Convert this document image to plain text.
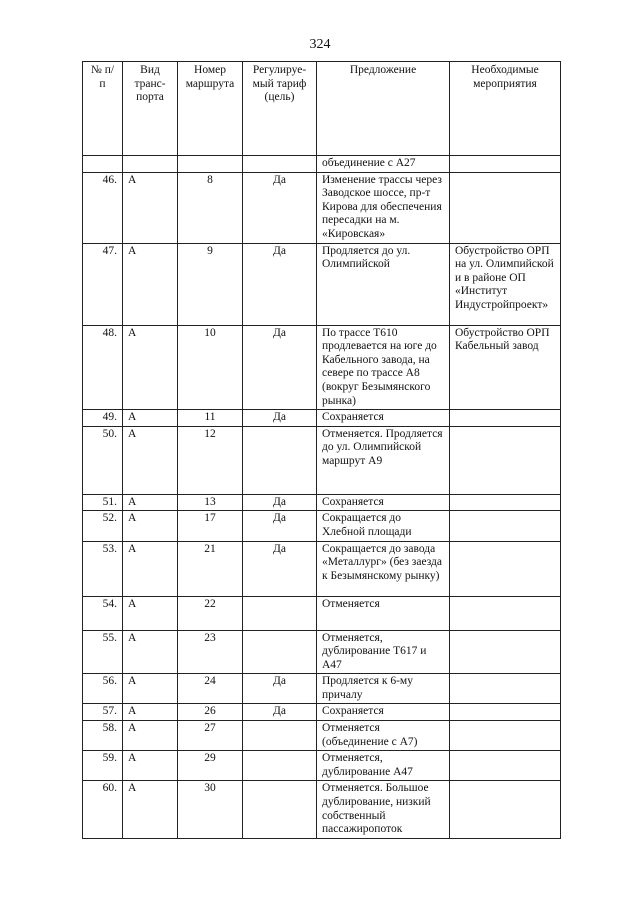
324
№ п/п	Вид транс-порта	Номер маршрута	Регулируе-мый тариф (цель)	Предложение	Необходимые мероприятия
				объединение с А27	
46.	А	8	Да	Изменение трассы через Заводское шоссе, пр-т Кирова для обеспечения пересадки на м. «Кировская»	
47.	А	9	Да	Продляется до ул. Олимпийской	Обустройство ОРП на ул. Олимпийской и в районе ОП «Институт Индустройпроект»
48.	А	10	Да	По трассе Т610 продлевается на юге до Кабельного завода, на севере по трассе А8 (вокруг Безымянского рынка)	Обустройство ОРП Кабельный завод
49.	А	11	Да	Сохраняется	
50.	А	12		Отменяется. Продляется до ул. Олимпийской маршрут А9	
51.	А	13	Да	Сохраняется	
52.	А	17	Да	Сокращается до Хлебной площади	
53.	А	21	Да	Сокращается до завода «Металлург» (без заезда к Безымянскому рынку)	
54.	А	22		Отменяется	
55.	А	23		Отменяется, дублирование Т617 и А47	
56.	А	24	Да	Продляется к 6-му причалу	
57.	А	26	Да	Сохраняется	
58.	А	27		Отменяется (объединение с А7)	
59.	А	29		Отменяется, дублирование А47	
60.	А	30		Отменяется. Большое дублирование, низкий собственный пассажиропоток	
